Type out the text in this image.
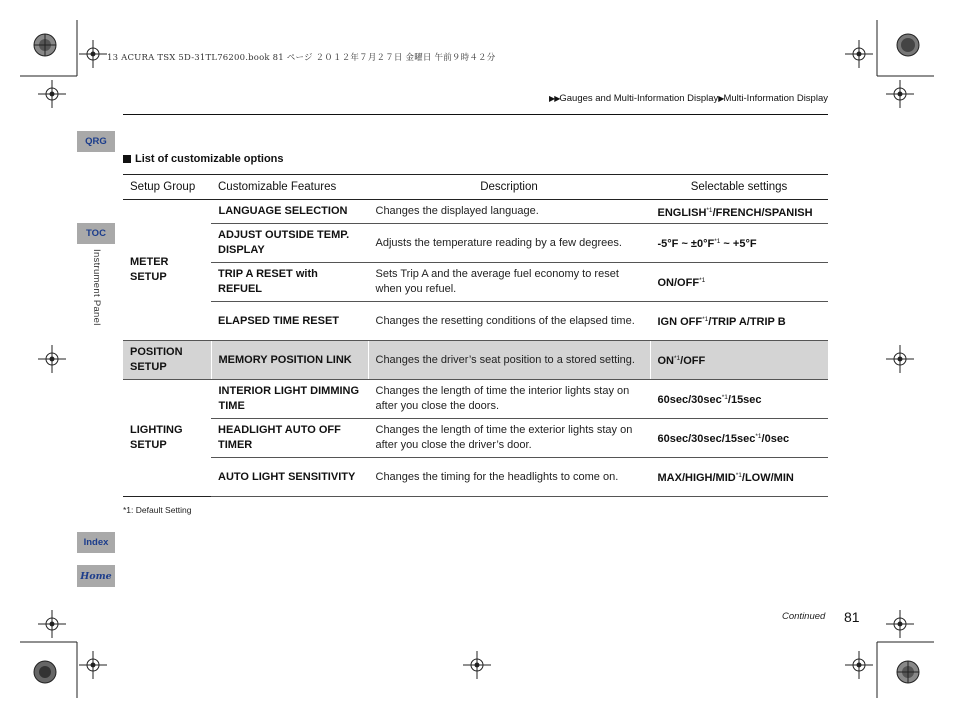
13 ACURA TSX 5D-31TL76200.book 81 ページ ２０１２年７月２７日 金曜日 午前９時４２分
▶▶Gauges and Multi-Information Display▶Multi-Information Display
QRG
TOC
Instrument Panel
Index
Home
List of customizable options
Setup Group	Customizable Features	Description	Selectable settings
METER SETUP	LANGUAGE SELECTION	Changes the displayed language.	ENGLISH$^{*1}$/FRENCH/SPANISH
	ADJUST OUTSIDE TEMP. DISPLAY	Adjusts the temperature reading by a few degrees.	-5°F ~ ±0°F$^{*1}$ ~ +5°F
	TRIP A RESET with REFUEL	Sets Trip A and the average fuel economy to reset when you refuel.	ON/OFF$^{*1}$
	ELAPSED TIME RESET	Changes the resetting conditions of the elapsed time.	IGN OFF$^{*1}$/TRIP A/TRIP B
POSITION SETUP	MEMORY POSITION LINK	Changes the driver’s seat position to a stored setting.	ON$^{*1}$/OFF
LIGHTING SETUP	INTERIOR LIGHT DIMMING TIME	Changes the length of time the interior lights stay on after you close the doors.	60sec/30sec$^{*1}$/15sec
	HEADLIGHT AUTO OFF TIMER	Changes the length of time the exterior lights stay on after you close the driver’s door.	60sec/30sec/15sec$^{*1}$/0sec
	AUTO LIGHT SENSITIVITY	Changes the timing for the headlights to come on.	MAX/HIGH/MID$^{*1}$/LOW/MIN
*1: Default Setting
Continued 81
